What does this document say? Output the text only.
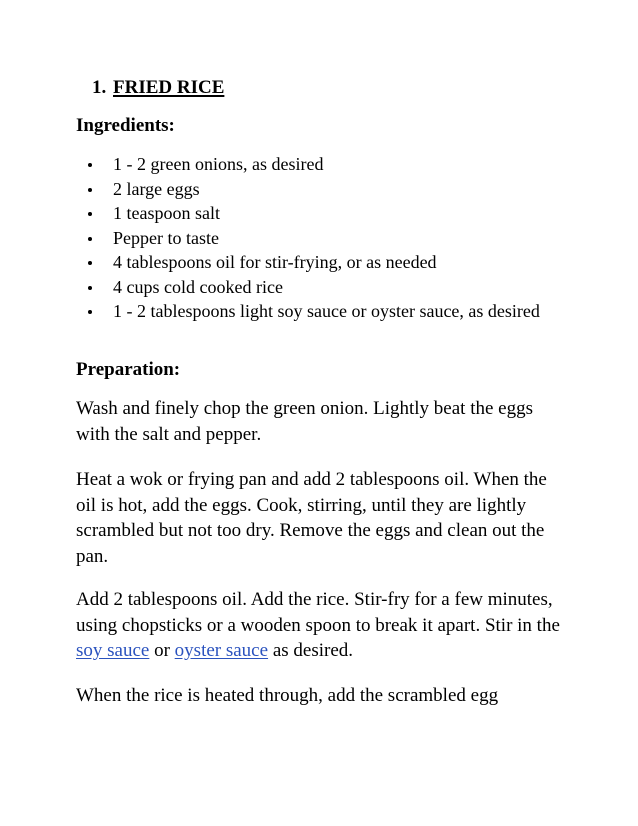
1. FRIED RICE
Ingredients:
1 - 2 green onions, as desired
2 large eggs
1 teaspoon salt
Pepper to taste
4 tablespoons oil for stir-frying, or as needed
4 cups cold cooked rice
1 - 2 tablespoons light soy sauce or oyster sauce, as desired
Preparation:

Wash and finely chop the green onion. Lightly beat the eggs with the salt and pepper.

Heat a wok or frying pan and add 2 tablespoons oil. When the oil is hot, add the eggs. Cook, stirring, until they are lightly scrambled but not too dry. Remove the eggs and clean out the pan.

Add 2 tablespoons oil. Add the rice. Stir-fry for a few minutes, using chopsticks or a wooden spoon to break it apart. Stir in the soy sauce or oyster sauce as desired.

When the rice is heated through, add the scrambled egg
